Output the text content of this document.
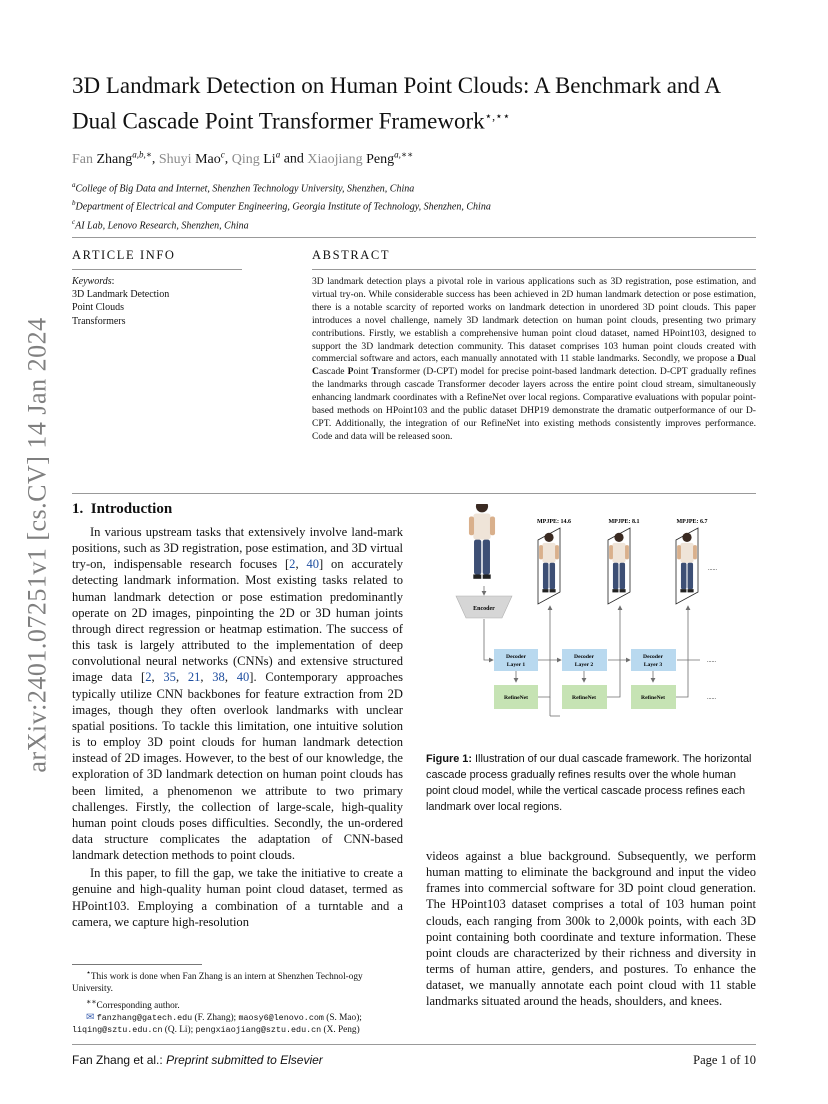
arXiv:2401.07251v1 [cs.CV] 14 Jan 2024
3D Landmark Detection on Human Point Clouds: A Benchmark and A
Dual Cascade Point Transformer Framework⋆,⋆⋆
Fan Zhang$^{a,b,∗}$, Shuyi Mao$^c$, Qing Li$^a$ and Xiaojiang Peng$^{a,∗∗}$
$^a$College of Big Data and Internet, Shenzhen Technology University, Shenzhen, China
$^b$Department of Electrical and Computer Engineering, Georgia Institute of Technology, Shenzhen, China
$^c$AI Lab, Lenovo Research, Shenzhen, China
ARTICLE INFO
Keywords:
3D Landmark Detection
Point Clouds
Transformers
ABSTRACT
3D landmark detection plays a pivotal role in various applications such as 3D registration, pose estimation, and virtual try-on. While considerable success has been achieved in 2D human landmark detection or pose estimation, there is a notable scarcity of reported works on landmark detection in unordered 3D point clouds. This paper introduces a novel challenge, namely 3D landmark detection on human point clouds, presenting two primary contributions. Firstly, we establish a comprehensive human point cloud dataset, named HPoint103, designed to support the 3D landmark detection community. This dataset comprises 103 human point clouds created with commercial software and actors, each manually annotated with 11 stable landmarks. Secondly, we propose a Dual Cascade Point Transformer (D-CPT) model for precise point-based landmark detection. D-CPT gradually refines the landmarks through cascade Transformer decoder layers across the entire point cloud stream, simultaneously enhancing landmark coordinates with a RefineNet over local regions. Comparative evaluations with popular point-based methods on HPoint103 and the public dataset DHP19 demonstrate the dramatic outperformance of our D-CPT. Additionally, the integration of our RefineNet into existing methods consistently improves performance. Code and data will be released soon.
1. Introduction

In various upstream tasks that extensively involve land-mark positions, such as 3D registration, pose estimation, and 3D virtual try-on, indispensable research focuses [2, 40] on accurately detecting landmark information. Most existing tasks related to human landmark detection or pose estimation predominantly operate on 2D images, pinpointing the 2D or 3D human joints through direct regression or heatmap estimation. The success of this task is largely attributed to the implementation of deep convolutional neural networks (CNNs) and extensive structured image data [2, 35, 21, 38, 40]. Contemporary approaches typically utilize CNN backbones for feature extraction from 2D images, though they often overlook landmarks with unclear spatial positions. To tackle this limitation, one intuitive solution is to employ 3D point clouds for human landmark detection instead of 2D images. However, to the best of our knowledge, the exploration of 3D landmark detection on human point clouds has been limited, a phenomenon we attribute to two primary challenges. Firstly, the collection of large-scale, high-quality human point clouds poses difficulties. Secondly, the un-ordered data structure complicates the adaptation of CNN-based landmark detection methods to point clouds.

In this paper, to fill the gap, we take the initiative to create a genuine and high-quality human point cloud dataset, termed as HPoint103. Employing a combination of a turntable and a camera, we capture high-resolution

⋆This work is done when Fan Zhang is an intern at Shenzhen Technol-ogy University.

∗∗Corresponding author.

✉ fanzhang@gatech.edu (F. Zhang); maosy6@lenovo.com (S. Mao);

liqing@sztu.edu.cn (Q. Li); pengxiaojiang@sztu.edu.cn (X. Peng)
Encoder
MPJPE: 14.6	MPJPE: 8.1	MPJPE: 6.7
......
Decoder
Layer 1
Decoder
Layer 2
Decoder
Layer 3
......
RefineNet	RefineNet	RefineNet	......
Figure 1: Illustration of our dual cascade framework. The horizontal cascade process gradually refines results over the whole human point cloud model, while the vertical cascade process refines each landmark over local regions.
videos against a blue background. Subsequently, we perform human matting to eliminate the background and input the video frames into commercial software for 3D point cloud generation. The HPoint103 dataset comprises a total of 103 human point clouds, each ranging from 300k to 2,000k points, with each 3D point containing both coordinate and texture information. These point clouds are characterized by their richness and diversity in terms of human attire, genders, and postures. To enhance the dataset, we manually annotate each point cloud with 11 stable landmarks situated around the heads, shoulders, and knees.
Fan Zhang et al.: Preprint submitted to Elsevier	Page 1 of 10
